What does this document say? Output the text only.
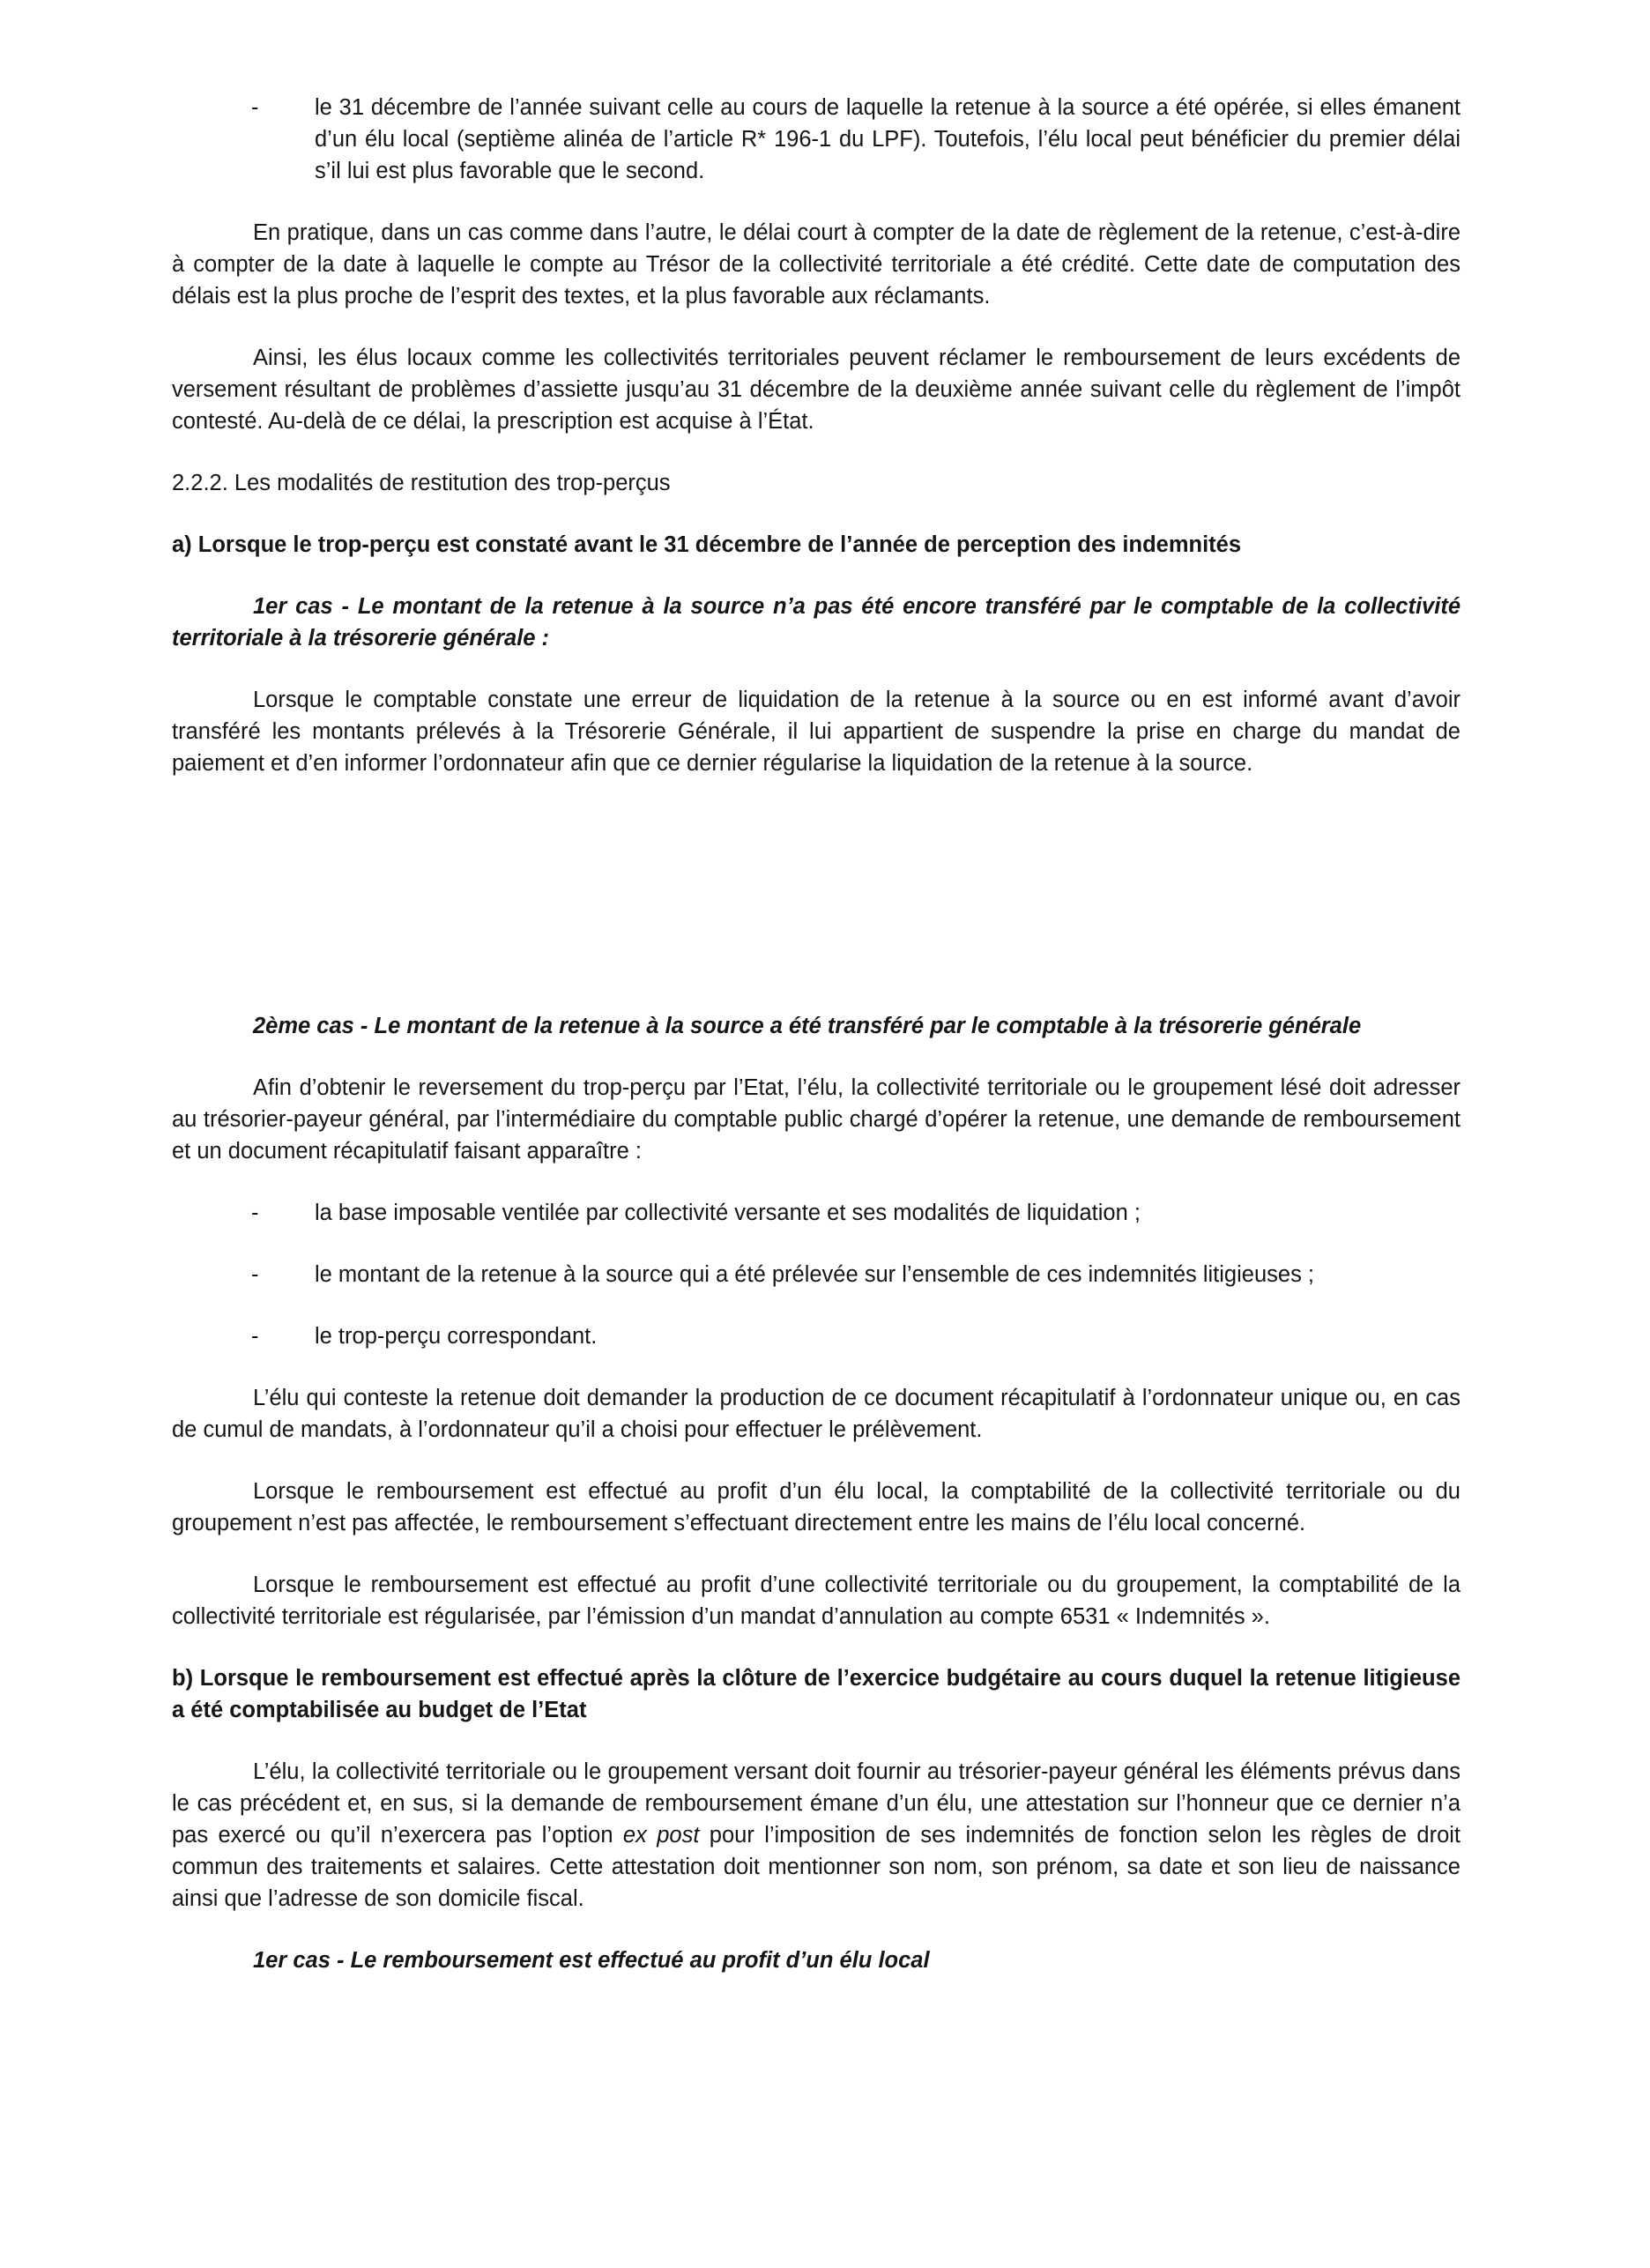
- le 31 décembre de l’année suivant celle au cours de laquelle la retenue à la source a été opérée, si elles émanent d’un élu local (septième alinéa de l’article R* 196-1 du LPF). Toutefois, l’élu local peut bénéficier du premier délai s’il lui est plus favorable que le second.

En pratique, dans un cas comme dans l’autre, le délai court à compter de la date de règlement de la retenue, c’est-à-dire à compter de la date à laquelle le compte au Trésor de la collectivité territoriale a été crédité. Cette date de computation des délais est la plus proche de l’esprit des textes, et la plus favorable aux réclamants.

Ainsi, les élus locaux comme les collectivités territoriales peuvent réclamer le remboursement de leurs excédents de versement résultant de problèmes d’assiette jusqu’au 31 décembre de la deuxième année suivant celle du règlement de l’impôt contesté. Au-delà de ce délai, la prescription est acquise à l’État.

2.2.2. Les modalités de restitution des trop-perçus

a) Lorsque le trop-perçu est constaté avant le 31 décembre de l’année de perception des indemnités

1er cas - Le montant de la retenue à la source n’a pas été encore transféré par le comptable de la collectivité territoriale à la trésorerie générale :

Lorsque le comptable constate une erreur de liquidation de la retenue à la source ou en est informé avant d’avoir transféré les montants prélevés à la Trésorerie Générale, il lui appartient de suspendre la prise en charge du mandat de paiement et d’en informer l’ordonnateur afin que ce dernier régularise la liquidation de la retenue à la source.

2ème cas - Le montant de la retenue à la source a été transféré par le comptable à la trésorerie générale

Afin d’obtenir le reversement du trop-perçu par l’Etat, l’élu, la collectivité territoriale ou le groupement lésé doit adresser au trésorier-payeur général, par l’intermédiaire du comptable public chargé d’opérer la retenue, une demande de remboursement et un document récapitulatif faisant apparaître :

- la base imposable ventilée par collectivité versante et ses modalités de liquidation ;

- le montant de la retenue à la source qui a été prélevée sur l’ensemble de ces indemnités litigieuses ;

- le trop-perçu correspondant.

L’élu qui conteste la retenue doit demander la production de ce document récapitulatif à l’ordonnateur unique ou, en cas de cumul de mandats, à l’ordonnateur qu’il a choisi pour effectuer le prélèvement.

Lorsque le remboursement est effectué au profit d’un élu local, la comptabilité de la collectivité territoriale ou du groupement n’est pas affectée, le remboursement s’effectuant directement entre les mains de l’élu local concerné.

Lorsque le remboursement est effectué au profit d’une collectivité territoriale ou du groupement, la comptabilité de la collectivité territoriale est régularisée, par l’émission d’un mandat d’annulation au compte 6531 « Indemnités ».

b) Lorsque le remboursement est effectué après la clôture de l’exercice budgétaire au cours duquel la retenue litigieuse a été comptabilisée au budget de l’Etat

L’élu, la collectivité territoriale ou le groupement versant doit fournir au trésorier-payeur général les éléments prévus dans le cas précédent et, en sus, si la demande de remboursement émane d’un élu, une attestation sur l’honneur que ce dernier n’a pas exercé ou qu’il n’exercera pas l’option ex post pour l’imposition de ses indemnités de fonction selon les règles de droit commun des traitements et salaires. Cette attestation doit mentionner son nom, son prénom, sa date et son lieu de naissance ainsi que l’adresse de son domicile fiscal.

1er cas - Le remboursement est effectué au profit d’un élu local
